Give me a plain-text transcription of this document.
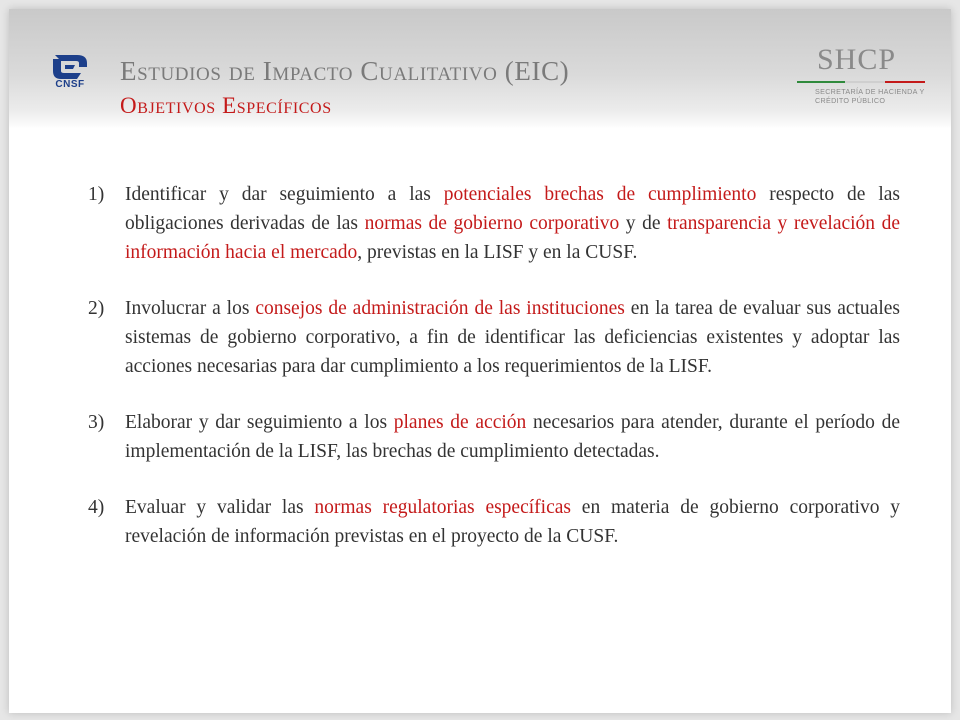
CNSF	Estudios de Impacto Cualitativo (EIC)
Objetivos Específicos
SHCP
SECRETARÍA DE HACIENDA Y CRÉDITO PÚBLICO

1) Identificar y dar seguimiento a las potenciales brechas de cumplimiento respecto de las obligaciones derivadas de las normas de gobierno corporativo y de transparencia y revelación de información hacia el mercado, previstas en la LISF y en la CUSF.

2) Involucrar a los consejos de administración de las instituciones en la tarea de evaluar sus actuales sistemas de gobierno corporativo, a fin de identificar las deficiencias existentes y adoptar las acciones necesarias para dar cumplimiento a los requerimientos de la LISF.

3) Elaborar y dar seguimiento a los planes de acción necesarios para atender, durante el período de implementación de la LISF, las brechas de cumplimiento detectadas.

4) Evaluar y validar las normas regulatorias específicas en materia de gobierno corporativo y revelación de información previstas en el proyecto de la CUSF.
